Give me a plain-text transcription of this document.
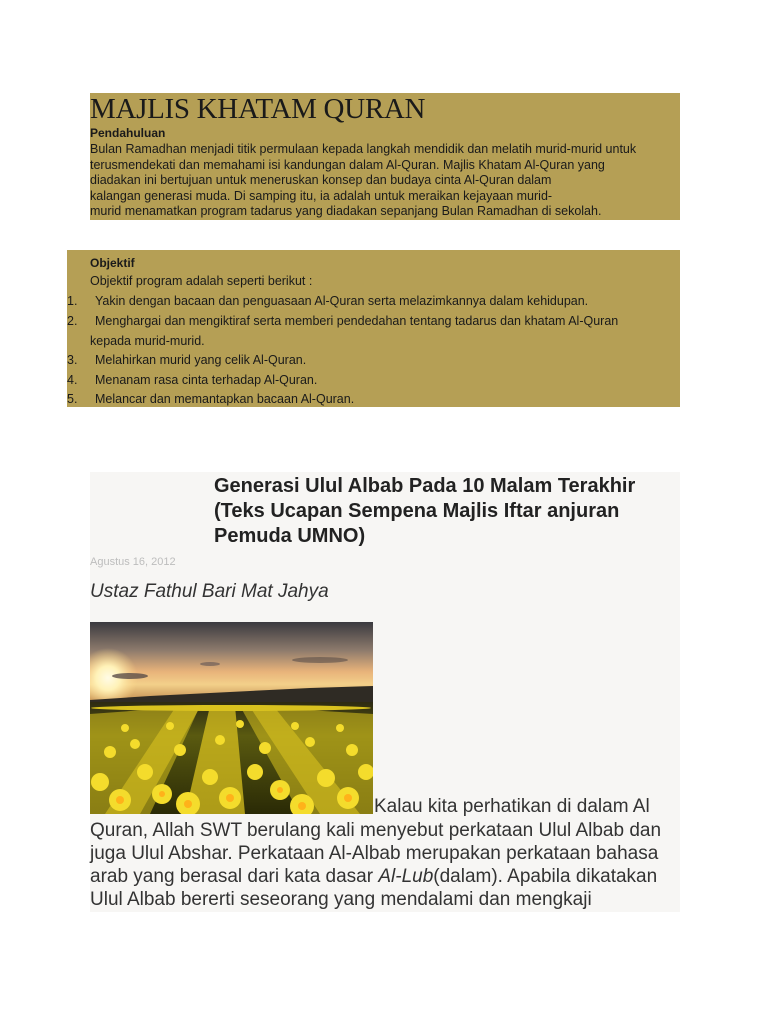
MAJLIS KHATAM QURAN
Pendahuluan
Bulan Ramadhan menjadi titik permulaan kepada langkah mendidik dan melatih murid-murid untuk
terusmendekati dan memahami isi kandungan dalam Al-Quran. Majlis Khatam Al-Quran yang
diadakan ini bertujuan untuk meneruskan konsep dan budaya cinta Al-Quran dalam
kalangan generasi muda. Di samping itu, ia adalah untuk meraikan kejayaan murid-
murid menamatkan program tadarus yang diadakan sepanjang Bulan Ramadhan di sekolah.
Objektif
Objektif program adalah seperti berikut :
1. Yakin dengan bacaan dan penguasaan Al-Quran serta melazimkannya dalam kehidupan.
2. Menghargai dan mengiktiraf serta memberi pendedahan tentang tadarus dan khatam Al-Quran
kepada murid-murid.
3. Melahirkan murid yang celik Al-Quran.
4. Menanam rasa cinta terhadap Al-Quran.
5. Melancar dan memantapkan bacaan Al-Quran.
Generasi Ulul Albab Pada 10 Malam Terakhir
(Teks Ucapan Sempena Majlis Iftar anjuran
Pemuda UMNO)
Agustus 16, 2012
Ustaz Fathul Bari Mat Jahya
Kalau kita perhatikan di dalam Al
Quran, Allah SWT berulang kali menyebut perkataan Ulul Albab dan
juga Ulul Abshar. Perkataan Al-Albab merupakan perkataan bahasa
arab yang berasal dari kata dasar Al-Lub(dalam). Apabila dikatakan
Ulul Albab bererti seseorang yang mendalami dan mengkaji
